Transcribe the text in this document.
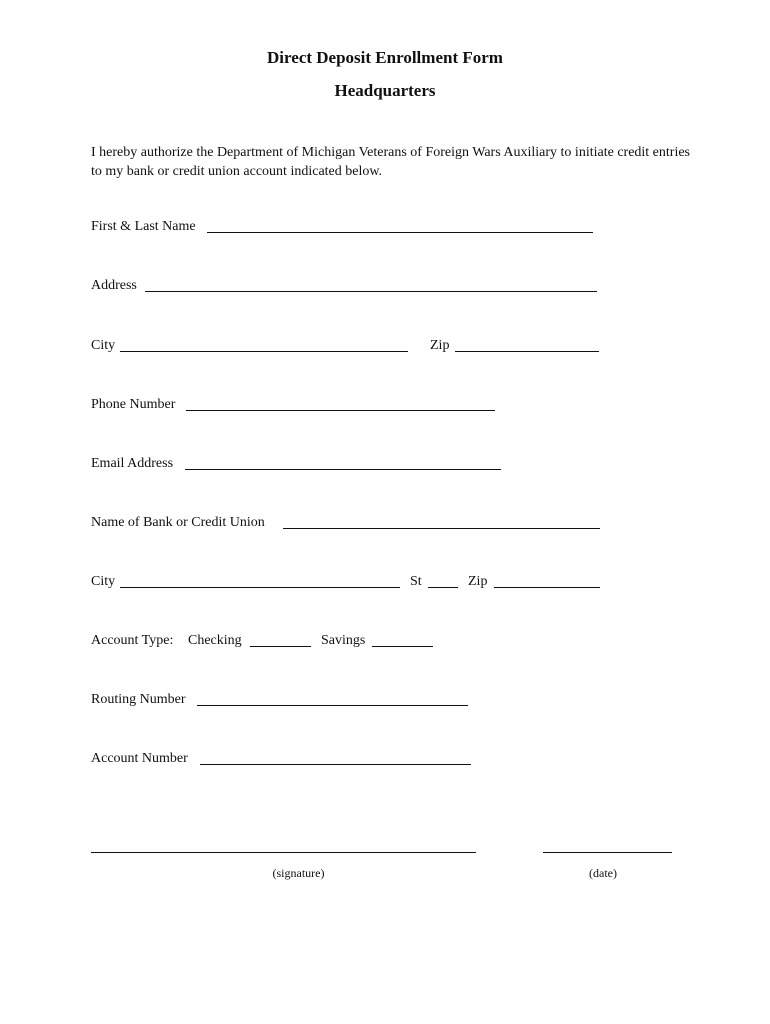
Direct Deposit Enrollment Form
Headquarters
I hereby authorize the Department of Michigan Veterans of Foreign Wars Auxiliary to initiate credit entries to my bank or credit union account indicated below.
First & Last Name
Address
City	Zip
Phone Number
Email Address
Name of Bank or Credit Union
City	St	Zip
Account Type: Checking	Savings
Routing Number
Account Number
(signature)	(date)
